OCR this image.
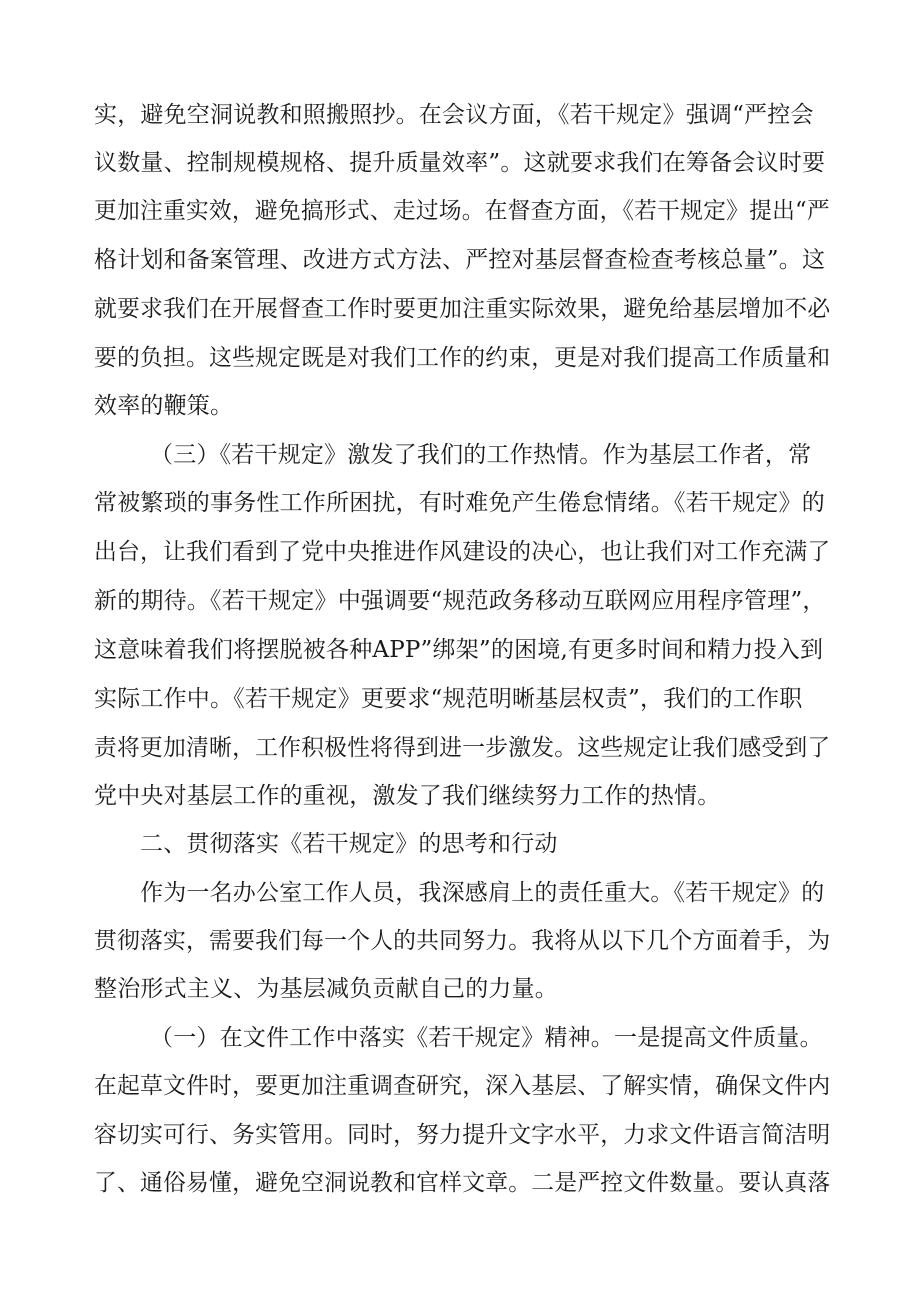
实，避免空洞说教和照搬照抄。在会议方面，《若干规定》强调“严控会
议数量、控制规模规格、提升质量效率”。这就要求我们在筹备会议时要
更加注重实效，避免搞形式、走过场。在督查方面，《若干规定》提出“严
格计划和备案管理、改进方式方法、严控对基层督查检查考核总量”。这
就要求我们在开展督查工作时要更加注重实际效果，避免给基层增加不必
要的负担。这些规定既是对我们工作的约束，更是对我们提高工作质量和
效率的鞭策。
（三）《若干规定》激发了我们的工作热情。作为基层工作者，常
常被繁琐的事务性工作所困扰，有时难免产生倦怠情绪。《若干规定》的
出台，让我们看到了党中央推进作风建设的决心，也让我们对工作充满了
新的期待。《若干规定》中强调要“规范政务移动互联网应用程序管理”，
这意味着我们将摆脱被各种APP”绑架”的困境,有更多时间和精力投入到
实际工作中。《若干规定》更要求“规范明晰基层权责”，我们的工作职
责将更加清晰，工作积极性将得到进一步激发。这些规定让我们感受到了
党中央对基层工作的重视，激发了我们继续努力工作的热情。
二、贯彻落实《若干规定》的思考和行动
作为一名办公室工作人员，我深感肩上的责任重大。《若干规定》的
贯彻落实，需要我们每一个人的共同努力。我将从以下几个方面着手，为
整治形式主义、为基层减负贡献自己的力量。
（一）在文件工作中落实《若干规定》精神。一是提高文件质量。
在起草文件时，要更加注重调查研究，深入基层、了解实情，确保文件内
容切实可行、务实管用。同时，努力提升文字水平，力求文件语言简洁明
了、通俗易懂，避免空洞说教和官样文章。二是严控文件数量。要认真落
